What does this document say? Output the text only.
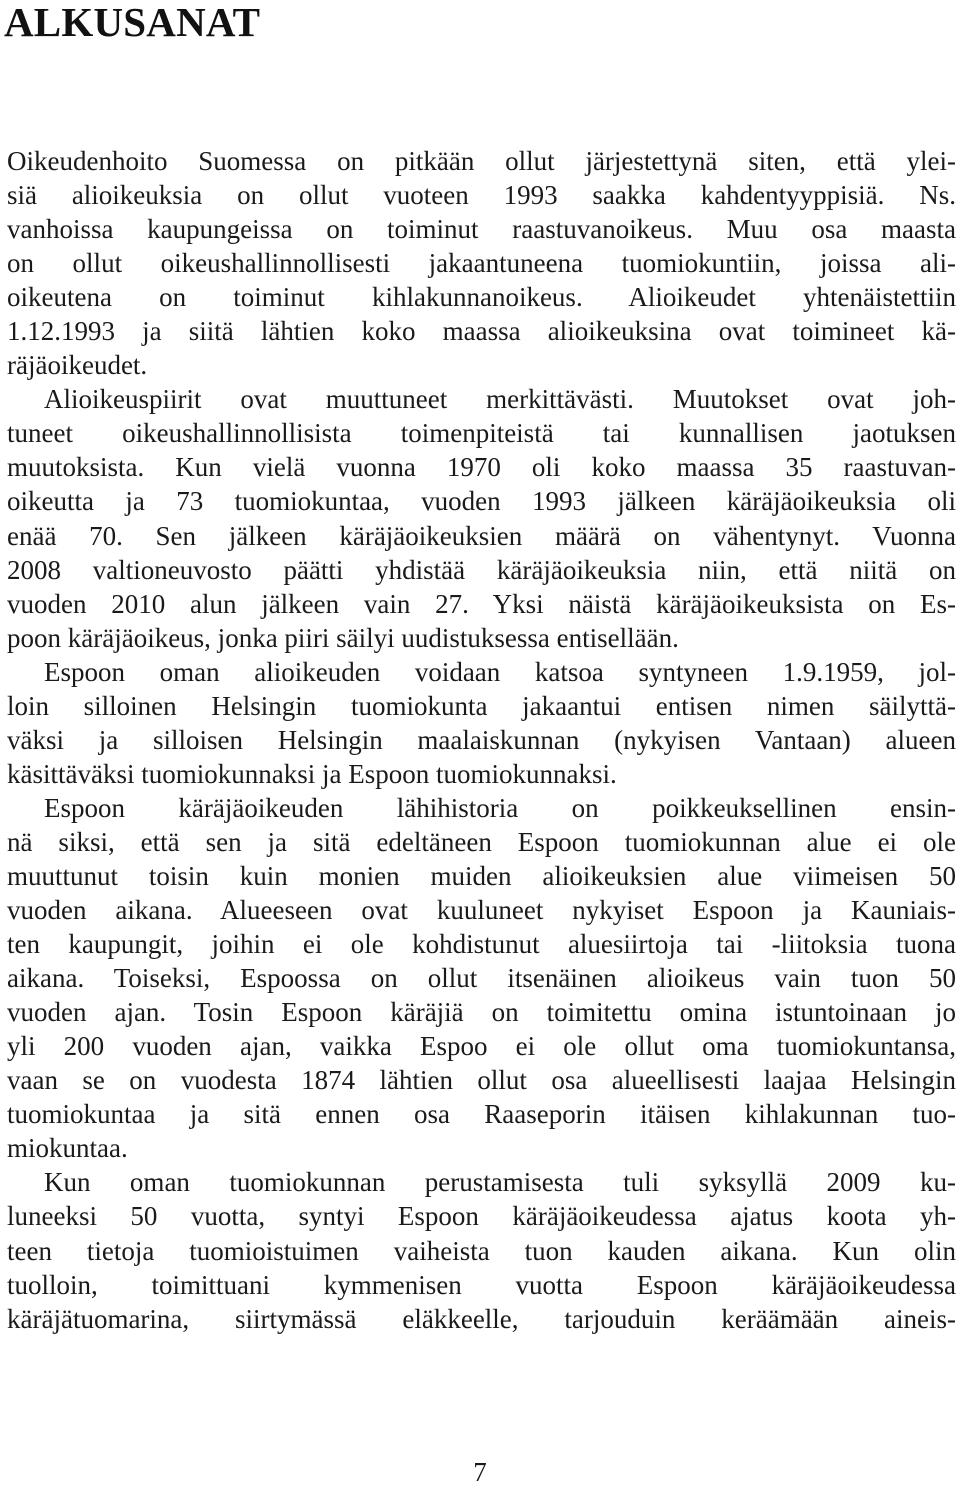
ALKUSANAT
Oikeudenhoito Suomessa on pitkään ollut järjestettynä siten, että ylei-
siä alioikeuksia on ollut vuoteen 1993 saakka kahdentyyppisiä. Ns.
vanhoissa kaupungeissa on toiminut raastuvanoikeus. Muu osa maasta
on ollut oikeushallinnollisesti jakaantuneena tuomiokuntiin, joissa ali-
oikeutena on toiminut kihlakunnanoikeus. Alioikeudet yhtenäistettiin
1.12.1993 ja siitä lähtien koko maassa alioikeuksina ovat toimineet kä-
räjäoikeudet.
Alioikeuspiirit ovat muuttuneet merkittävästi. Muutokset ovat joh-
tuneet oikeushallinnollisista toimenpiteistä tai kunnallisen jaotuksen
muutoksista. Kun vielä vuonna 1970 oli koko maassa 35 raastuvan-
oikeutta ja 73 tuomiokuntaa, vuoden 1993 jälkeen käräjäoikeuksia oli
enää 70. Sen jälkeen käräjäoikeuksien määrä on vähentynyt. Vuonna
2008 valtioneuvosto päätti yhdistää käräjäoikeuksia niin, että niitä on
vuoden 2010 alun jälkeen vain 27. Yksi näistä käräjäoikeuksista on Es-
poon käräjäoikeus, jonka piiri säilyi uudistuksessa entisellään.
Espoon oman alioikeuden voidaan katsoa syntyneen 1.9.1959, jol-
loin silloinen Helsingin tuomiokunta jakaantui entisen nimen säilyttä-
väksi ja silloisen Helsingin maalaiskunnan (nykyisen Vantaan) alueen
käsittäväksi tuomiokunnaksi ja Espoon tuomiokunnaksi.
Espoon käräjäoikeuden lähihistoria on poikkeuksellinen ensin-
nä siksi, että sen ja sitä edeltäneen Espoon tuomiokunnan alue ei ole
muuttunut toisin kuin monien muiden alioikeuksien alue viimeisen 50
vuoden aikana. Alueeseen ovat kuuluneet nykyiset Espoon ja Kauniais-
ten kaupungit, joihin ei ole kohdistunut aluesiirtoja tai -liitoksia tuona
aikana. Toiseksi, Espoossa on ollut itsenäinen alioikeus vain tuon 50
vuoden ajan. Tosin Espoon käräjiä on toimitettu omina istuntoinaan jo
yli 200 vuoden ajan, vaikka Espoo ei ole ollut oma tuomiokuntansa,
vaan se on vuodesta 1874 lähtien ollut osa alueellisesti laajaa Helsingin
tuomiokuntaa ja sitä ennen osa Raaseporin itäisen kihlakunnan tuo-
miokuntaa.
Kun oman tuomiokunnan perustamisesta tuli syksyllä 2009 ku-
luneeksi 50 vuotta, syntyi Espoon käräjäoikeudessa ajatus koota yh-
teen tietoja tuomioistuimen vaiheista tuon kauden aikana. Kun olin
tuolloin, toimittuani kymmenisen vuotta Espoon käräjäoikeudessa
käräjätuomarina, siirtymässä eläkkeelle, tarjouduin keräämään aineis-

7
